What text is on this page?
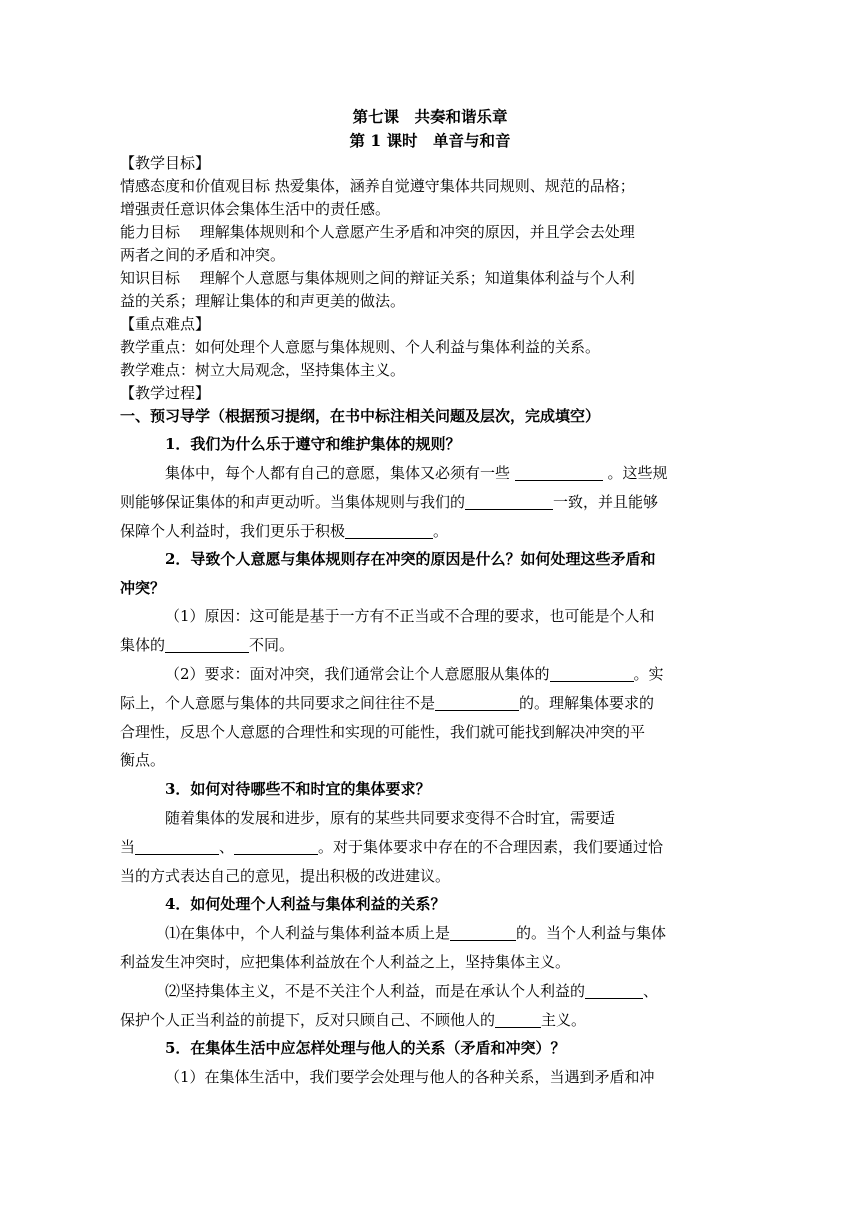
第七课　共奏和谐乐章
第 1 课时　单音与和音
【教学目标】
情感态度和价值观目标 热爱集体，涵养自觉遵守集体共同规则、规范的品格；
增强责任意识体会集体生活中的责任感。
能力目标　 理解集体规则和个人意愿产生矛盾和冲突的原因，并且学会去处理
两者之间的矛盾和冲突。
知识目标　 理解个人意愿与集体规则之间的辩证关系；知道集体利益与个人利
益的关系；理解让集体的和声更美的做法。
【重点难点】
教学重点：如何处理个人意愿与集体规则、个人利益与集体利益的关系。
教学难点：树立大局观念，坚持集体主义。
【教学过程】
一、预习导学（根据预习提纲，在书中标注相关问题及层次，完成填空）
1．我们为什么乐于遵守和维护集体的规则？
集体中，每个人都有自己的意愿，集体又必须有一些	。这些规
则能够保证集体的和声更动听。当集体规则与我们的	一致，并且能够
保障个人利益时，我们更乐于积极	。
2．导致个人意愿与集体规则存在冲突的原因是什么？如何处理这些矛盾和
冲突？
（1）原因：这可能是基于一方有不正当或不合理的要求，也可能是个人和
集体的	不同。
（2）要求：面对冲突，我们通常会让个人意愿服从集体的	。实
际上，个人意愿与集体的共同要求之间往往不是	的。理解集体要求的
合理性，反思个人意愿的合理性和实现的可能性，我们就可能找到解决冲突的平
衡点。
3．如何对待哪些不和时宜的集体要求？
随着集体的发展和进步，原有的某些共同要求变得不合时宜，需要适
当	、	。对于集体要求中存在的不合理因素，我们要通过恰
当的方式表达自己的意见，提出积极的改进建议。
4．如何处理个人利益与集体利益的关系？
⑴在集体中，个人利益与集体利益本质上是	的。当个人利益与集体
利益发生冲突时，应把集体利益放在个人利益之上，坚持集体主义。
⑵坚持集体主义，不是不关注个人利益，而是在承认个人利益的	、
保护个人正当利益的前提下，反对只顾自己、不顾他人的	主义。
5．在集体生活中应怎样处理与他人的关系（矛盾和冲突）？
（1）在集体生活中，我们要学会处理与他人的各种关系，当遇到矛盾和冲
